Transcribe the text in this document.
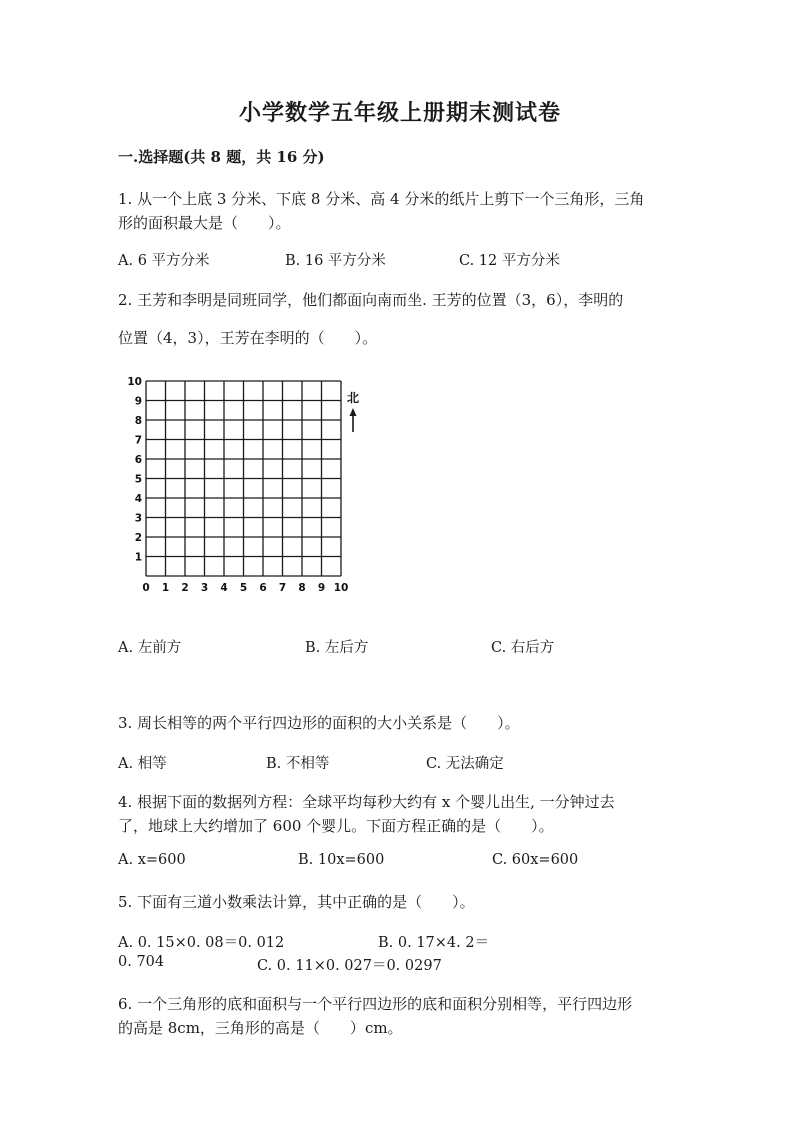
小学数学五年级上册期末测试卷
一.选择题(共 8 题，共 16 分)
1. 从一个上底 3 分米、下底 8 分米、高 4 分米的纸片上剪下一个三角形，三角
形的面积最大是（　　）。
A. 6 平方分米	B. 16 平方分米	C. 12 平方分米
2. 王芳和李明是同班同学，他们都面向南而坐. 王芳的位置（3，6），李明的
位置（4，3），王芳在李明的（　　）。
0 1 2 3 4 5 6 7 8 9 10
1
2
3
4
5
6
7
8
9
10
北
A. 左前方	B. 左后方	C. 右后方
3. 周长相等的两个平行四边形的面积的大小关系是（　　）。
A. 相等	B. 不相等	C. 无法确定
4. 根据下面的数据列方程：全球平均每秒大约有 x 个婴儿出生, 一分钟过去
了，地球上大约增加了 600 个婴儿。下面方程正确的是（　　）。
A. x=600	B. 10x=600	C. 60x=600
5. 下面有三道小数乘法计算，其中正确的是（　　）。
A. 0. 15×0. 08＝0. 012	B. 0. 17×4. 2＝
0. 704	C. 0. 11×0. 027＝0. 0297
6. 一个三角形的底和面积与一个平行四边形的底和面积分别相等，平行四边形
的高是 8cm，三角形的高是（　　）cm。
